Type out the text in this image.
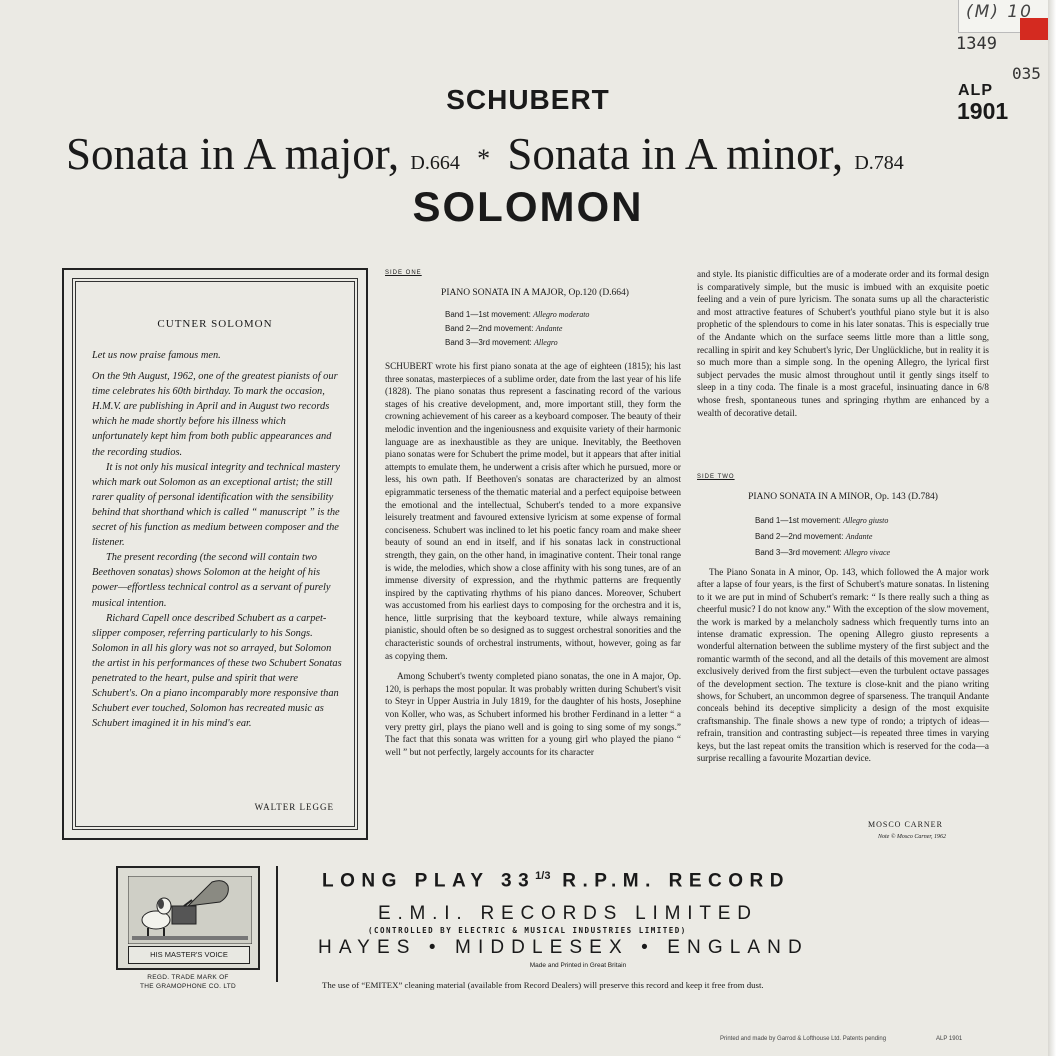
(M) 10
1349
035
ALP
1901
SCHUBERT
Sonata in A major, D.664 * Sonata in A minor, D.784
SOLOMON
CUTNER SOLOMON

Let us now praise famous men.

On the 9th August, 1962, one of the greatest pianists of our time celebrates his 60th birthday. To mark the occasion, H.M.V. are publishing in April and in August two records which he made shortly before his illness which unfortunately kept him from both public appearances and the recording studios.

It is not only his musical integrity and technical mastery which mark out Solomon as an exceptional artist; the still rarer quality of personal identification with the sensibility behind that shorthand which is called “ manuscript ” is the secret of his function as medium between composer and the listener.

The present recording (the second will contain two Beethoven sonatas) shows Solomon at the height of his power—effortless technical control as a servant of purely musical intention.

Richard Capell once described Schubert as a carpet-slipper composer, referring particularly to his Songs. Solomon in all his glory was not so arrayed, but Solomon the artist in his performances of these two Schubert Sonatas penetrated to the heart, pulse and spirit that were Schubert's. On a piano incomparably more responsive than Schubert ever touched, Solomon has recreated music as Schubert imagined it in his mind's ear.

WALTER LEGGE
SIDE ONE
PIANO SONATA IN A MAJOR, Op.120 (D.664)
Band 1—1st movement: Allegro moderato
Band 2—2nd movement: Andante
Band 3—3rd movement: Allegro

SCHUBERT wrote his first piano sonata at the age of eighteen (1815); his last three sonatas, masterpieces of a sublime order, date from the last year of his life (1828). The piano sonatas thus represent a fascinating record of the various stages of his creative development, and, more important still, they form the crowning achievement of his career as a keyboard composer. The beauty of their melodic invention and the ingeniousness and exquisite variety of their harmonic language are as inexhaustible as they are unique. Inevitably, the Beethoven piano sonatas were for Schubert the prime model, but it appears that after initial attempts to emulate them, he underwent a crisis after which he pursued, more or less, his own path. If Beethoven's sonatas are characterized by an almost epigrammatic terseness of the thematic material and a perfect equipoise between the emotional and the intellectual, Schubert's tended to a more expansive leisurely treatment and favoured extensive lyricism at some expense of formal conciseness. Schubert was inclined to let his poetic fancy roam and make sheer beauty of sound an end in itself, and if his sonatas lack in constructional strength, they gain, on the other hand, in imaginative content. Their tonal range is wide, the melodies, which show a close affinity with his song tunes, are of an immense diversity of expression, and the rhythmic patterns are frequently inspired by the captivating rhythms of his piano dances. Moreover, Schubert was accustomed from his earliest days to composing for the orchestra and it is, hence, little surprising that the keyboard texture, while always remaining pianistic, should often be so designed as to suggest orchestral sonorities and the characteristic sounds of orchestral instruments, without, however, going as far as copying them.

Among Schubert's twenty completed piano sonatas, the one in A major, Op. 120, is perhaps the most popular. It was probably written during Schubert's visit to Steyr in Upper Austria in July 1819, for the daughter of his hosts, Josephine von Koller, who was, as Schubert informed his brother Ferdinand in a letter “ a very pretty girl, plays the piano well and is going to sing some of my songs.” The fact that this sonata was written for a young girl who played the piano “ well ” but not perfectly, largely accounts for its character

and style. Its pianistic difficulties are of a moderate order and its formal design is comparatively simple, but the music is imbued with an exquisite poetic feeling and a vein of pure lyricism. The sonata sums up all the characteristic and most attractive features of Schubert's youthful piano style but it is also prophetic of the splendours to come in his later sonatas. This is especially true of the Andante which on the surface seems little more than a little song, recalling in spirit and key Schubert's lyric, Der Unglückliche, but in reality it is so much more than a simple song. In the opening Allegro, the lyrical first subject pervades the music almost throughout until it gently sings itself to sleep in a tiny coda. The finale is a most graceful, insinuating dance in 6/8 whose fresh, spontaneous tunes and springing rhythm are enhanced by a wealth of decorative detail.

SIDE TWO
PIANO SONATA IN A MINOR, Op. 143 (D.784)
Band 1—1st movement: Allegro giusto
Band 2—2nd movement: Andante
Band 3—3rd movement: Allegro vivace

The Piano Sonata in A minor, Op. 143, which followed the A major work after a lapse of four years, is the first of Schubert's mature sonatas. In listening to it we are put in mind of Schubert's remark: “ Is there really such a thing as cheerful music? I do not know any.” With the exception of the slow movement, the work is marked by a melancholy sadness which frequently turns into an intense dramatic expression. The opening Allegro giusto represents a wonderful alternation between the sublime mystery of the first subject and the romantic warmth of the second, and all the details of this movement are almost exclusively derived from the first subject—even the turbulent octave passages of the development section. The texture is close-knit and the piano writing shows, for Schubert, an uncommon degree of sparseness. The tranquil Andante conceals behind its deceptive simplicity a design of the most exquisite craftsmanship. The finale shows a new type of rondo; a triptych of ideas—refrain, transition and contrasting subject—is repeated three times in varying keys, but the last repeat omits the transition which is reserved for the coda—a surprise recalling a favourite Mozartian device.

MOSCO CARNER
Note © Mosco Carner, 1962
HIS MASTER'S VOICE
REGD. TRADE MARK OF
THE GRAMOPHONE CO. LTD
LONG PLAY $33^{1/3}$ R.P.M. RECORD
E.M.I. RECORDS LIMITED
(CONTROLLED BY ELECTRIC & MUSICAL INDUSTRIES LIMITED)
HAYES • MIDDLESEX • ENGLAND
Made and Printed in Great Britain
The use of “EMITEX” cleaning material (available from Record Dealers) will preserve this record and keep it free from dust.
Printed and made by Garrod & Lofthouse Ltd. Patents pending	ALP 1901
